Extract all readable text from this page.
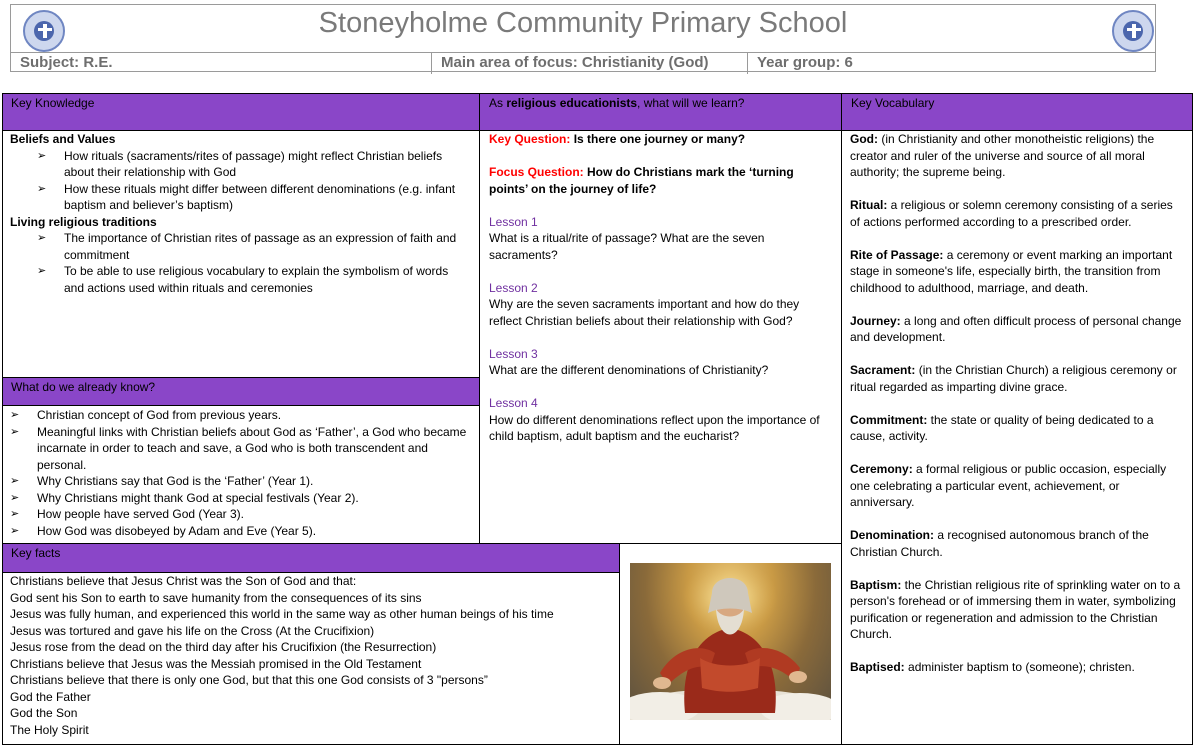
Stoneyholme Community Primary School
Subject: R.E.	Main area of focus: Christianity (God)	Year group: 6
Key Knowledge	As religious educationists, what will we learn?	Key Vocabulary
What do we already know?
Key facts
Beliefs and Values
➢ How rituals (sacraments/rites of passage) might reflect Christian beliefs about their relationship with God
➢ How these rituals might differ between different denominations (e.g. infant baptism and believer’s baptism)
Living religious traditions
➢ The importance of Christian rites of passage as an expression of faith and commitment
➢ To be able to use religious vocabulary to explain the symbolism of words and actions used within rituals and ceremonies
Key Question: Is there one journey or many?
Focus Question: How do Christians mark the ‘turning points’ on the journey of life?
Lesson 1
What is a ritual/rite of passage? What are the seven sacraments?
Lesson 2
Why are the seven sacraments important and how do they reflect Christian beliefs about their relationship with God?
Lesson 3
What are the different denominations of Christianity?
Lesson 4
How do different denominations reflect upon the importance of child baptism, adult baptism and the eucharist?
➢ Christian concept of God from previous years.
➢ Meaningful links with Christian beliefs about God as ‘Father’, a God who became incarnate in order to teach and save, a God who is both transcendent and personal.
➢ Why Christians say that God is the ‘Father’ (Year 1).
➢ Why Christians might thank God at special festivals (Year 2).
➢ How people have served God (Year 3).
➢ How God was disobeyed by Adam and Eve (Year 5).
Christians believe that Jesus Christ was the Son of God and that:
God sent his Son to earth to save humanity from the consequences of its sins
Jesus was fully human, and experienced this world in the same way as other human beings of his time
Jesus was tortured and gave his life on the Cross (At the Crucifixion)
Jesus rose from the dead on the third day after his Crucifixion (the Resurrection)
Christians believe that Jesus was the Messiah promised in the Old Testament
Christians believe that there is only one God, but that this one God consists of 3 "persons”
God the Father
God the Son
The Holy Spirit

God: (in Christianity and other monotheistic religions) the creator and ruler of the universe and source of all moral authority; the supreme being.

Ritual: a religious or solemn ceremony consisting of a series of actions performed according to a prescribed order.

Rite of Passage: a ceremony or event marking an important stage in someone's life, especially birth, the transition from childhood to adulthood, marriage, and death.

Journey: a long and often difficult process of personal change and development.

Sacrament: (in the Christian Church) a religious ceremony or ritual regarded as imparting divine grace.

Commitment: the state or quality of being dedicated to a cause, activity.

Ceremony: a formal religious or public occasion, especially one celebrating a particular event, achievement, or anniversary.

Denomination: a recognised autonomous branch of the Christian Church.

Baptism: the Christian religious rite of sprinkling water on to a person's forehead or of immersing them in water, symbolizing purification or regeneration and admission to the Christian Church.

Baptised: administer baptism to (someone); christen.
